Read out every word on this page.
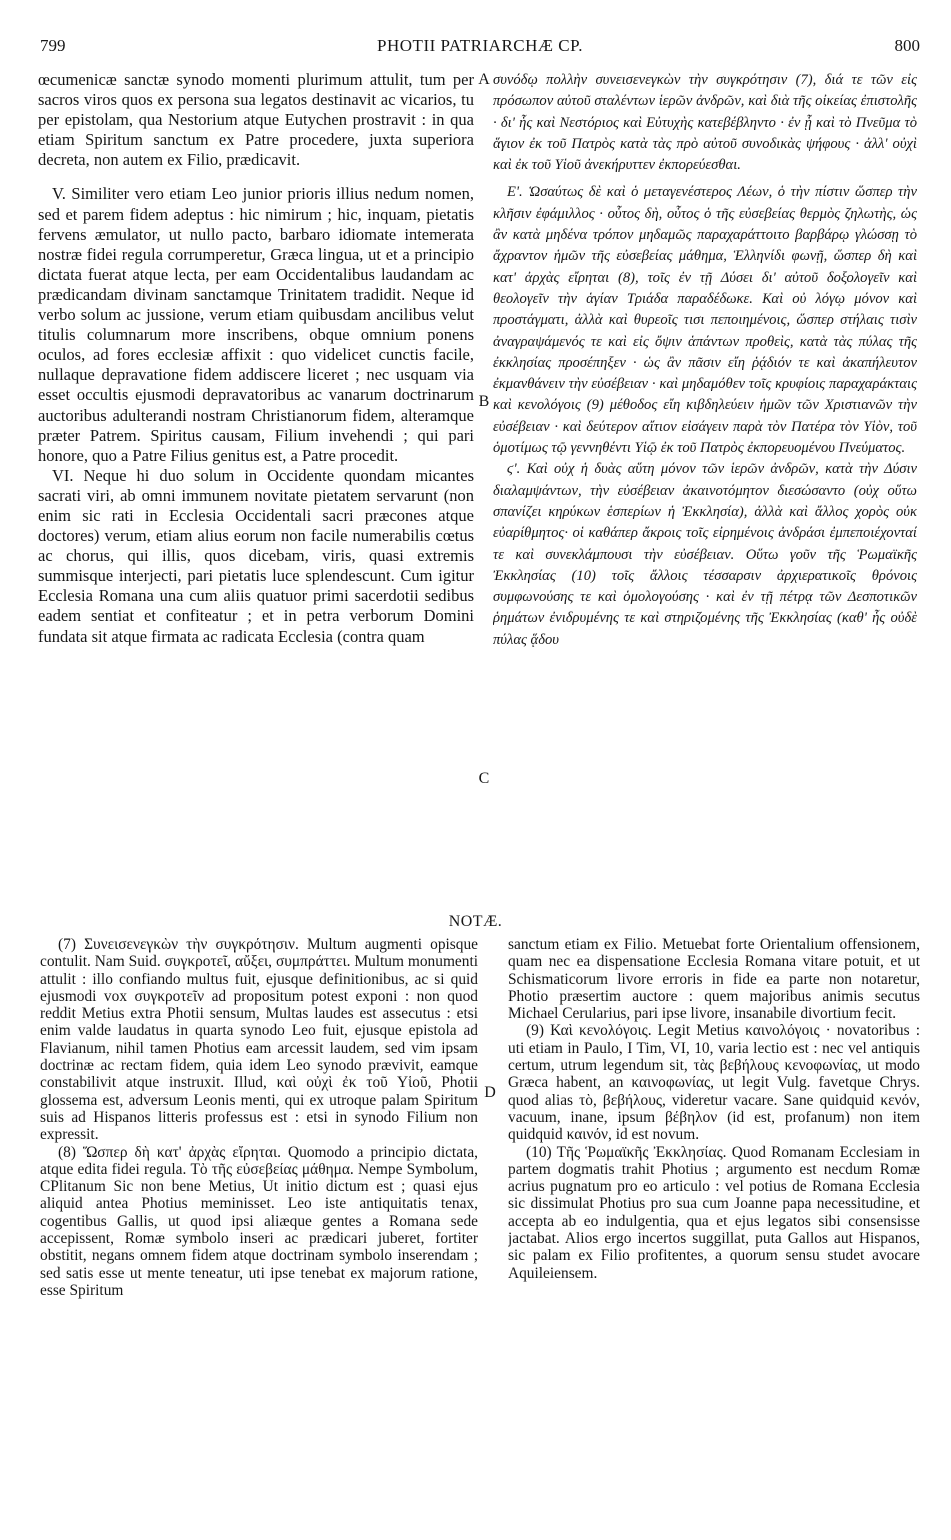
799	PHOTII PATRIARCHÆ CP.	800

œcumenicæ sanctæ synodo momenti plurimum attulit, tum per sacros viros quos ex persona sua legatos destinavit ac vicarios, tu per epistolam, qua Nestorium atque Eutychen prostravit : in qua etiam Spiritum sanctum ex Patre procedere, juxta superiora decreta, non autem ex Filio, prædicavit.

V. Similiter vero etiam Leo junior prioris illius nedum nomen, sed et parem fidem adeptus : hic nimirum ; hic, inquam, pietatis fervens æmulator, ut nullo pacto, barbaro idiomate intemerata nostræ fidei regula corrumperetur, Græca lingua, ut et a principio dictata fuerat atque lecta, per eam Occidentalibus laudandam ac prædicandam divinam sanctamque Trinitatem tradidit. Neque id verbo solum ac jussione, verum etiam quibusdam ancilibus velut titulis columnarum more inscribens, obque omnium ponens oculos, ad fores ecclesiæ affixit : quo videlicet cunctis facile, nullaque depravatione fidem addiscere liceret ; nec usquam via esset occultis ejusmodi depravatoribus ac vanarum doctrinarum auctoribus adulterandi nostram Christianorum fidem, alteramque præter Patrem. Spiritus causam, Filium invehendi ; qui pari honore, quo a Patre Filius genitus est, a Patre procedit.

VI. Neque hi duo solum in Occidente quondam micantes sacrati viri, ab omni immunem novitate pietatem servarunt (non enim sic rati in Ecclesia Occidentali sacri præcones atque doctores) verum, etiam alius eorum non facile numerabilis cœtus ac chorus, qui illis, quos dicebam, viris, quasi extremis summisque interjecti, pari pietatis luce splendescunt. Cum igitur Ecclesia Romana una cum aliis quatuor primi sacerdotii sedibus eadem sentiat et confiteatur ; et in petra verborum Domini fundata sit atque firmata ac radicata Ecclesia (contra quam

A
B
C
D

συνόδῳ πολλὴν συνεισενεγκὼν τὴν συγκρότησιν (7), διά τε τῶν εἰς πρόσωπον αὐτοῦ σταλέντων ἱερῶν ἀνδρῶν, καὶ διὰ τῆς οἰκείας ἐπιστολῆς · δι' ἧς καὶ Νεστόριος καὶ Εὐτυχὴς κατεβέβληντο · ἐν ᾗ καὶ τὸ Πνεῦμα τὸ ἅγιον ἐκ τοῦ Πατρὸς κατὰ τὰς πρὸ αὐτοῦ συνοδικὰς ψήφους · ἀλλ' οὐχὶ καὶ ἐκ τοῦ Υἱοῦ ἀνεκήρυττεν ἐκπορεύεσθαι.

Ε'. Ὡσαύτως δὲ καὶ ὁ μεταγενέστερος Λέων, ὁ τὴν πίστιν ὥσπερ τὴν κλῆσιν ἐφάμιλλος · οὗτος δὴ, οὗτος ὁ τῆς εὐσεβείας θερμὸς ζηλωτὴς, ὡς ἂν κατὰ μηδένα τρόπον μηδαμῶς παραχαράττοιτο βαρβάρῳ γλώσσῃ τὸ ἄχραντον ἡμῶν τῆς εὐσεβείας μάθημα, Ἑλληνίδι φωνῇ, ὥσπερ δὴ καὶ κατ' ἀρχὰς εἴρηται (8), τοῖς ἐν τῇ Δύσει δι' αὐτοῦ δοξολογεῖν καὶ θεολογεῖν τὴν ἁγίαν Τριάδα παραδέδωκε. Καὶ οὐ λόγῳ μόνον καὶ προστάγματι, ἀλλὰ καὶ θυρεοῖς τισι πεποιημένοις, ὥσπερ στήλαις τισὶν ἀναγραψάμενός τε καὶ εἰς ὄψιν ἁπάντων προθεὶς, κατὰ τὰς πύλας τῆς ἐκκλησίας προσέπηξεν · ὡς ἂν πᾶσιν εἴη ῥᾴδιόν τε καὶ ἀκαπήλευτον ἐκμανθάνειν τὴν εὐσέβειαν · καὶ μηδαμόθεν τοῖς κρυφίοις παραχαράκταις καὶ κενολόγοις (9) μέθοδος εἴη κιβδηλεύειν ἡμῶν τῶν Χριστιανῶν τὴν εὐσέβειαν · καὶ δεύτερον αἴτιον εἰσάγειν παρὰ τὸν Πατέρα τὸν Υἱὸν, τοῦ ὁμοτίμως τῷ γεννηθέντι Υἱῷ ἐκ τοῦ Πατρὸς ἐκπορευομένου Πνεύματος.

ϛ'. Καὶ οὐχ ἡ δυὰς αὕτη μόνον τῶν ἱερῶν ἀνδρῶν, κατὰ τὴν Δύσιν διαλαμψάντων, τὴν εὐσέβειαν ἀκαινοτόμητον διεσώσαντο (οὐχ οὕτω σπανίζει κηρύκων ἑσπερίων ἡ Ἐκκλησία), ἀλλὰ καὶ ἄλλος χορὸς οὐκ εὐαρίθμητος· οἱ καθάπερ ἄκροις τοῖς εἰρημένοις ἀνδράσι ἐμπεποιέχονταί τε καὶ συνεκλάμπουσι τὴν εὐσέβειαν. Οὕτω γοῦν τῆς Ῥωμαϊκῆς Ἐκκλησίας (10) τοῖς ἄλλοις τέσσαρσιν ἀρχιερατικοῖς θρόνοις συμφωνούσης τε καὶ ὁμολογούσης · καὶ ἐν τῇ πέτρᾳ τῶν Δεσποτικῶν ῥημάτων ἐνιδρυμένης τε καὶ στηριζομένης τῆς Ἐκκλησίας (καθ' ἧς οὐδὲ πύλας ᾅδου

NOTÆ.

(7) Συνεισενεγκὼν τὴν συγκρότησιν. Multum augmenti opisque contulit. Nam Suid. συγκροτεῖ, αὔξει, συμπράττει. Multum monumenti attulit : illo confiando multus fuit, ejusque definitionibus, ac si quid ejusmodi vox συγκροτεῖν ad propositum potest exponi : non quod reddit Metius extra Photii sensum, Multas laudes est assecutus : etsi enim valde laudatus in quarta synodo Leo fuit, ejusque epistola ad Flavianum, nihil tamen Photius eam arcessit laudem, sed vim ipsam doctrinæ ac rectam fidem, quia idem Leo synodo prævivit, eamque constabilivit atque instruxit. Illud, καὶ οὐχὶ ἐκ τοῦ Υἱοῦ, Photii glossema est, adversum Leonis menti, qui ex utroque palam Spiritum suis ad Hispanos litteris professus est : etsi in synodo Filium non expressit.

(8) Ὥσπερ δὴ κατ' ἀρχὰς εἴρηται. Quomodo a principio dictata, atque edita fidei regula. Τὸ τῆς εὐσεβείας μάθημα. Nempe Symbolum, CPlitanum Sic non bene Metius, Ut initio dictum est ; quasi ejus aliquid antea Photius meminisset. Leo iste antiquitatis tenax, cogentibus Gallis, ut quod ipsi aliæque gentes a Romana sede accepissent, Romæ symbolo inseri ac prædicari juberet, fortiter obstitit, negans omnem fidem atque doctrinam symbolo inserendam ; sed satis esse ut mente teneatur, uti ipse tenebat ex majorum ratione, esse Spiritum

sanctum etiam ex Filio. Metuebat forte Orientalium offensionem, quam nec ea dispensatione Ecclesia Romana vitare potuit, et ut Schismaticorum livore erroris in fide ea parte non notaretur, Photio præsertim auctore : quem majoribus animis secutus Michael Cerularius, pari ipse livore, insanabile divortium fecit.

(9) Καὶ κενολόγοις. Legit Metius καινολόγοις · novatoribus : uti etiam in Paulo, I Tim, VI, 10, varia lectio est : nec vel antiquis certum, utrum legendum sit, τὰς βεβήλους κενοφωνίας, ut modo Græca habent, an καινοφωνίας, ut legit Vulg. favetque Chrys. quod alias τὸ, βεβήλους, videretur vacare. Sane quidquid κενόν, vacuum, inane, ipsum βέβηλον (id est, profanum) non item quidquid καινόν, id est novum.

(10) Τῆς Ῥωμαϊκῆς Ἐκκλησίας. Quod Romanam Ecclesiam in partem dogmatis trahit Photius ; argumento est necdum Romæ acrius pugnatum pro eo articulo : vel potius de Romana Ecclesia sic dissimulat Photius pro sua cum Joanne papa necessitudine, et accepta ab eo indulgentia, qua et ejus legatos sibi consensisse jactabat. Alios ergo incertos suggillat, puta Gallos aut Hispanos, sic palam ex Filio profitentes, a quorum sensu studet avocare Aquileiensem.
